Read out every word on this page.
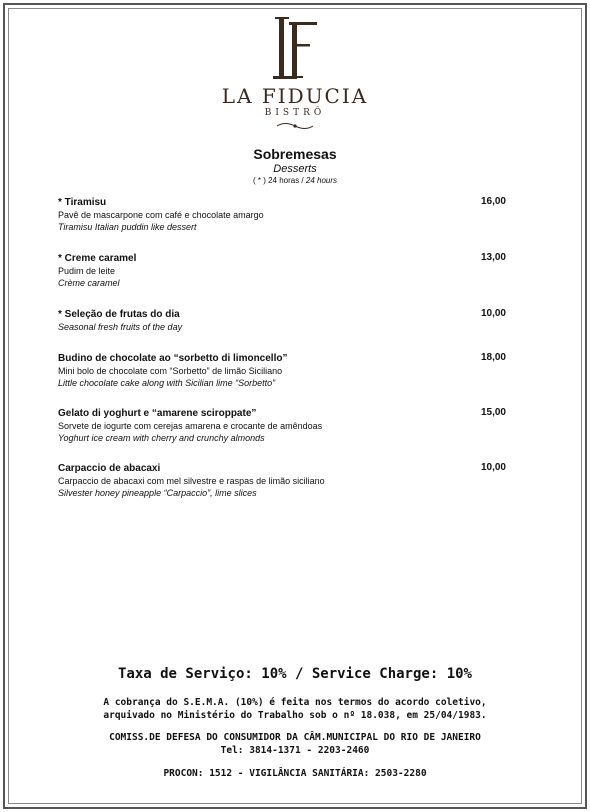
LA FIDUCIA
BISTRÔ
Sobremesas
Desserts
( * ) 24 horas / 24 hours
* Tiramisu	16,00
Pavê de mascarpone com café e chocolate amargo
Tiramisu Italian puddin like dessert
* Creme caramel	13,00
Pudim de leite
Crème caramel
* Seleção de frutas do dia	10,00
Seasonal fresh fruits of the day
Budino de chocolate ao “sorbetto di limoncello”	18,00
Mini bolo de chocolate com “Sorbetto” de limão Siciliano
Little chocolate cake along with Sicilian lime “Sorbetto”
Gelato di yoghurt e “amarene sciroppate”	15,00
Sorvete de iogurte com cerejas amarena e crocante de amêndoas
Yoghurt ice cream with cherry and crunchy almonds
Carpaccio de abacaxi	10,00
Carpaccio de abacaxi com mel silvestre e raspas de limão siciliano
Silvester honey pineapple “Carpaccio”, lime slices
Taxa de Serviço: 10% / Service Charge: 10%
A cobrança do S.E.M.A. (10%) é feita nos termos do acordo coletivo,
arquivado no Ministério do Trabalho sob o nº 18.038, em 25/04/1983.
COMISS.DE DEFESA DO CONSUMIDOR DA CÂM.MUNICIPAL DO RIO DE JANEIRO
Tel: 3814-1371 - 2203-2460
PROCON: 1512 - VIGILÂNCIA SANITÁRIA: 2503-2280
